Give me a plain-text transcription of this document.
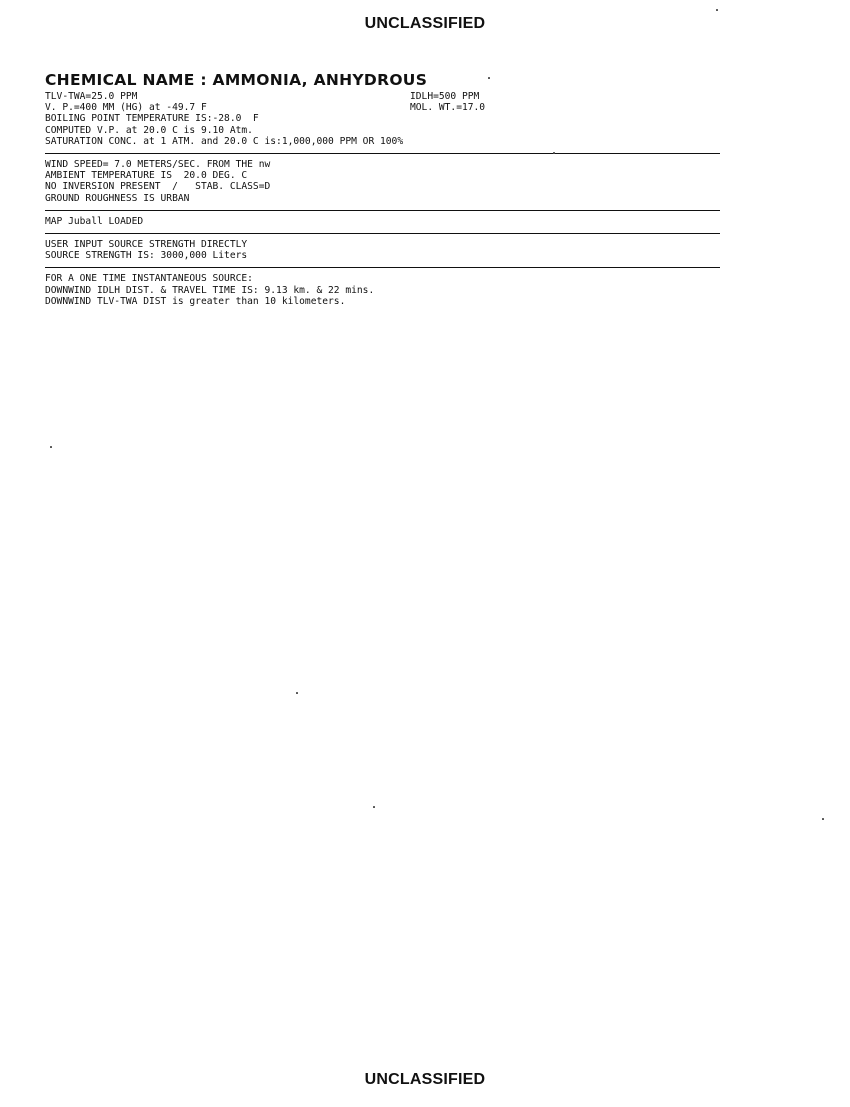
UNCLASSIFIED
CHEMICAL NAME : AMMONIA, ANHYDROUS
TLV-TWA=25.0 PPM	IDLH=500 PPM
V. P.=400 MM (HG) at -49.7 F	MOL. WT.=17.0
BOILING POINT TEMPERATURE IS:-28.0  F
COMPUTED V.P. at 20.0 C is 9.10 Atm.
SATURATION CONC. at 1 ATM. and 20.0 C is:1,000,000 PPM OR 100%
WIND SPEED= 7.0 METERS/SEC. FROM THE nw
AMBIENT TEMPERATURE IS  20.0 DEG. C
NO INVERSION PRESENT  /   STAB. CLASS=D
GROUND ROUGHNESS IS URBAN
MAP Juball LOADED
USER INPUT SOURCE STRENGTH DIRECTLY
SOURCE STRENGTH IS: 3000,000 Liters
FOR A ONE TIME INSTANTANEOUS SOURCE:
DOWNWIND IDLH DIST. & TRAVEL TIME IS: 9.13 km. & 22 mins.
DOWNWIND TLV-TWA DIST is greater than 10 kilometers.
UNCLASSIFIED
